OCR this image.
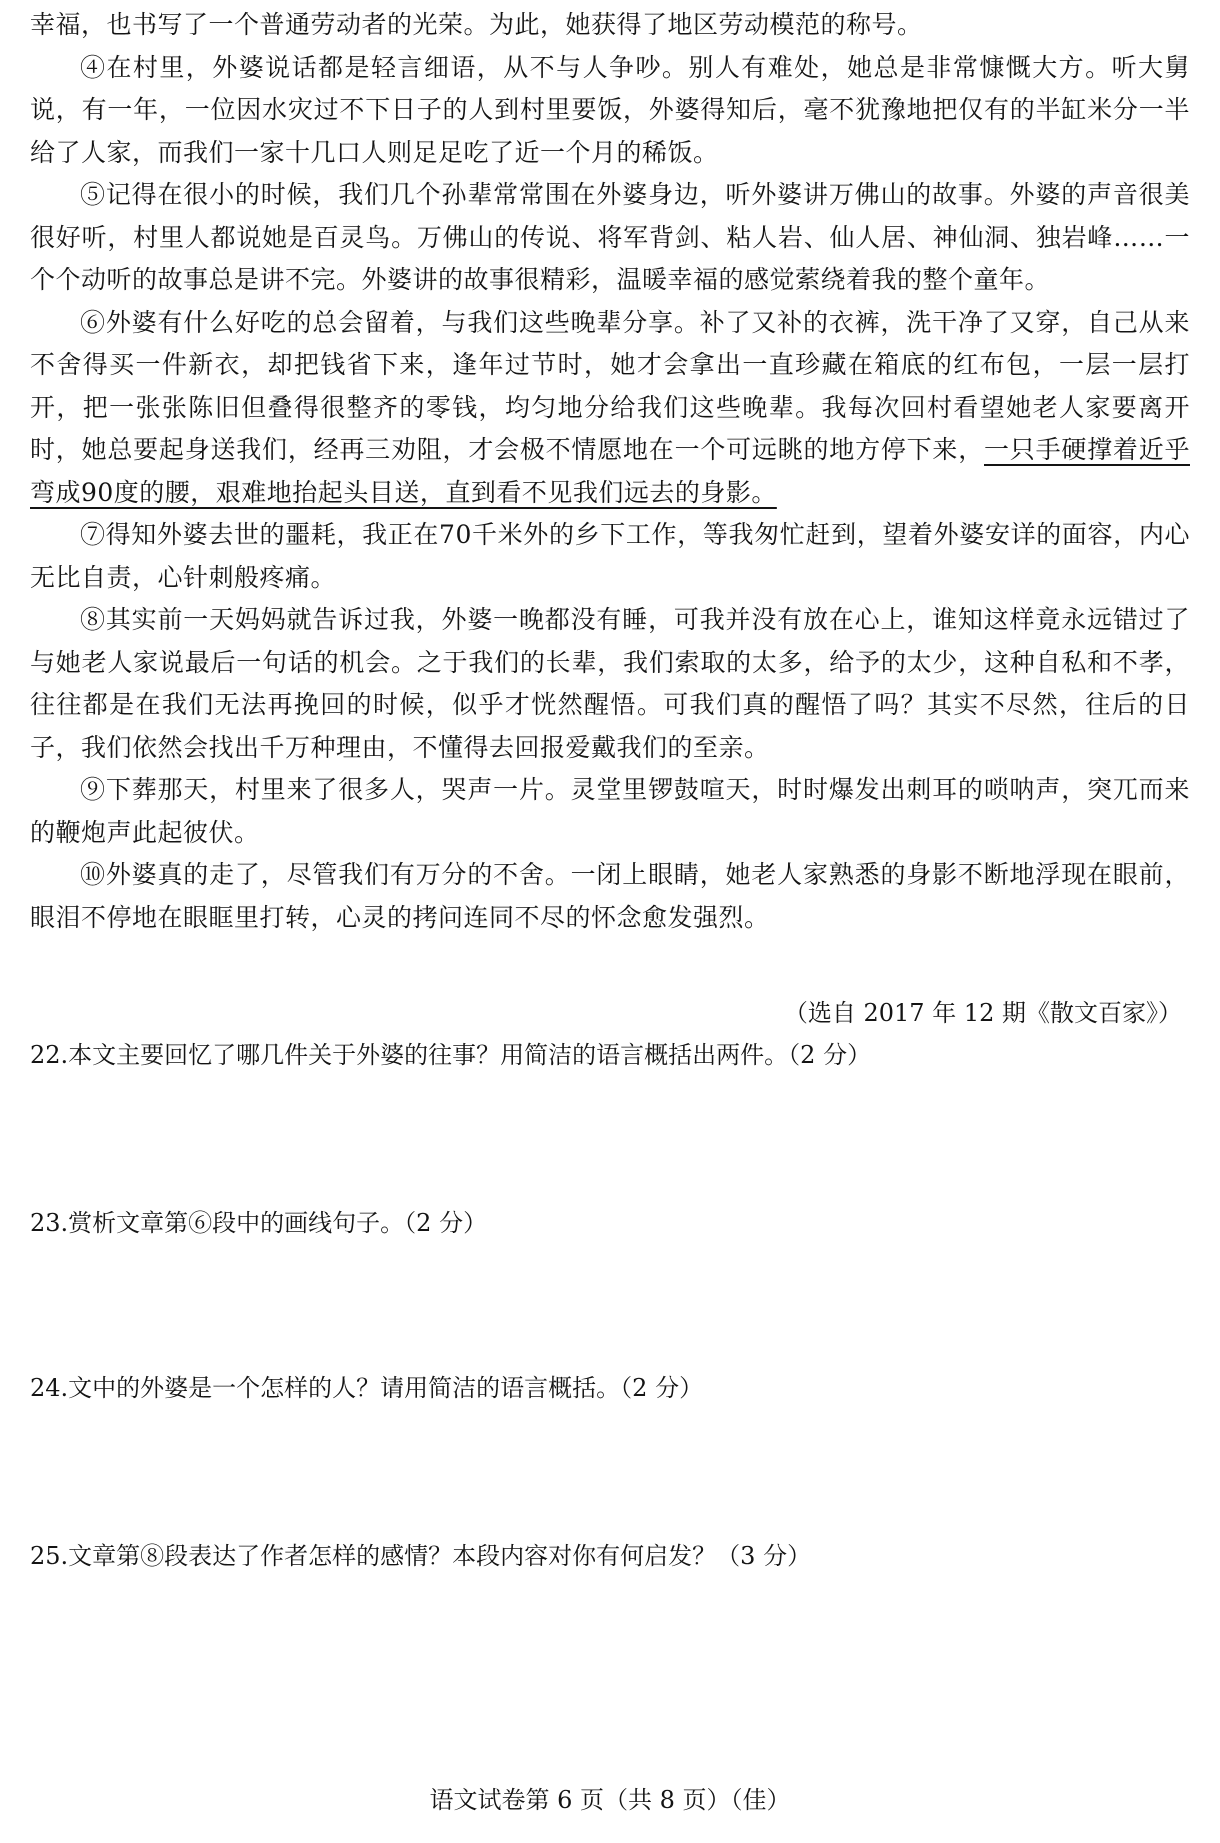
幸福，也书写了一个普通劳动者的光荣。为此，她获得了地区劳动模范的称号。

④在村里，外婆说话都是轻言细语，从不与人争吵。别人有难处，她总是非常慷慨大方。听大舅说，有一年，一位因水灾过不下日子的人到村里要饭，外婆得知后，毫不犹豫地把仅有的半缸米分一半给了人家，而我们一家十几口人则足足吃了近一个月的稀饭。

⑤记得在很小的时候，我们几个孙辈常常围在外婆身边，听外婆讲万佛山的故事。外婆的声音很美很好听，村里人都说她是百灵鸟。万佛山的传说、将军背剑、粘人岩、仙人居、神仙洞、独岩峰……一个个动听的故事总是讲不完。外婆讲的故事很精彩，温暖幸福的感觉萦绕着我的整个童年。

⑥外婆有什么好吃的总会留着，与我们这些晚辈分享。补了又补的衣裤，洗干净了又穿，自己从来不舍得买一件新衣，却把钱省下来，逢年过节时，她才会拿出一直珍藏在箱底的红布包，一层一层打开，把一张张陈旧但叠得很整齐的零钱，均匀地分给我们这些晚辈。我每次回村看望她老人家要离开时，她总要起身送我们，经再三劝阻，才会极不情愿地在一个可远眺的地方停下来，一只手硬撑着近乎弯成90度的腰，艰难地抬起头目送，直到看不见我们远去的身影。

⑦得知外婆去世的噩耗，我正在70千米外的乡下工作，等我匆忙赶到，望着外婆安详的面容，内心无比自责，心针刺般疼痛。

⑧其实前一天妈妈就告诉过我，外婆一晚都没有睡，可我并没有放在心上，谁知这样竟永远错过了与她老人家说最后一句话的机会。之于我们的长辈，我们索取的太多，给予的太少，这种自私和不孝，往往都是在我们无法再挽回的时候，似乎才恍然醒悟。可我们真的醒悟了吗？其实不尽然，往后的日子，我们依然会找出千万种理由，不懂得去回报爱戴我们的至亲。

⑨下葬那天，村里来了很多人，哭声一片。灵堂里锣鼓喧天，时时爆发出刺耳的唢呐声，突兀而来的鞭炮声此起彼伏。

⑩外婆真的走了，尽管我们有万分的不舍。一闭上眼睛，她老人家熟悉的身影不断地浮现在眼前，眼泪不停地在眼眶里打转，心灵的拷问连同不尽的怀念愈发强烈。

（选自 2017 年 12 期《散文百家》）

22.本文主要回忆了哪几件关于外婆的往事？用简洁的语言概括出两件。（2 分）

23.赏析文章第⑥段中的画线句子。（2 分）

24.文中的外婆是一个怎样的人？请用简洁的语言概括。（2 分）

25.文章第⑧段表达了作者怎样的感情？本段内容对你有何启发？（3 分）

语文试卷第 6 页（共 8 页）（佳）
